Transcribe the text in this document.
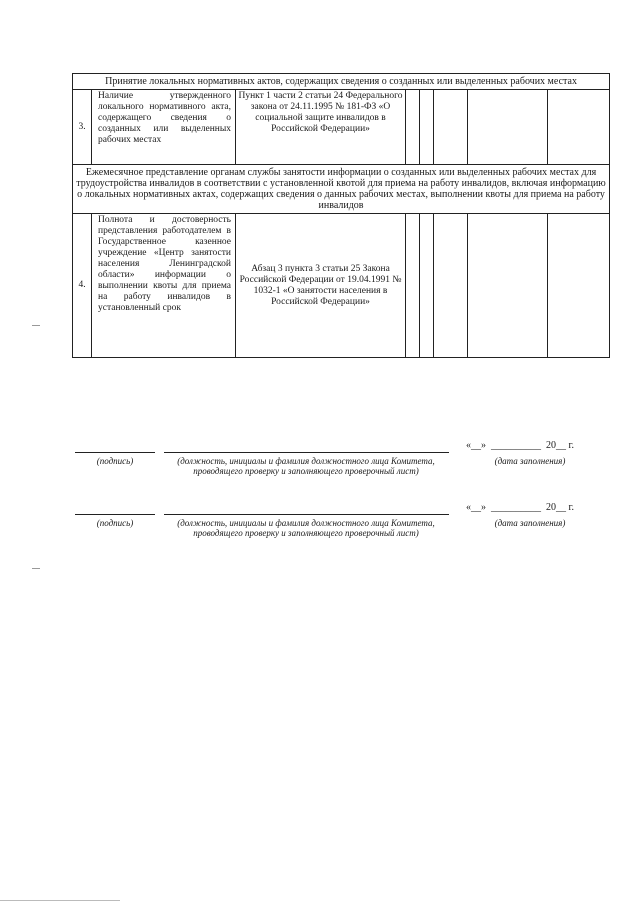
Принятие локальных нормативных актов, содержащих сведения о созданных или выделенных рабочих местах							
3.	Наличие утвержденного локального нормативного акта, содержащего сведения о созданных или выделенных рабочих местах	Пункт 1 части 2 статьи 24 Федерального закона от 24.11.1995 № 181-ФЗ «О социальной защите инвалидов в Российской Федерации»					
Ежемесячное представление органам службы занятости информации о созданных или выделенных рабочих местах для трудоустройства инвалидов в соответствии с установленной квотой для приема на работу инвалидов, включая информацию о локальных нормативных актах, содержащих сведения о данных рабочих местах, выполнении квоты для приема на работу инвалидов							
4.	Полнота и достоверность представления работодателем в Государственное казенное учреждение «Центр занятости населения Ленинградской области» информации о выполнении квоты для приема на работу инвалидов в установленный срок	Абзац 3 пункта 3 статьи 25 Закона Российской Федерации от 19.04.1991 № 1032-1 «О занятости населения в Российской Федерации»					
(подпись)	(должность, инициалы и фамилия должностного лица Комитета, проводящего проверку и заполняющего проверочный лист)
«__»  __________  20__ г.
(дата заполнения)
(подпись)	(должность, инициалы и фамилия должностного лица Комитета, проводящего проверку и заполняющего проверочный лист)
«__»  __________  20__ г.
(дата заполнения)
